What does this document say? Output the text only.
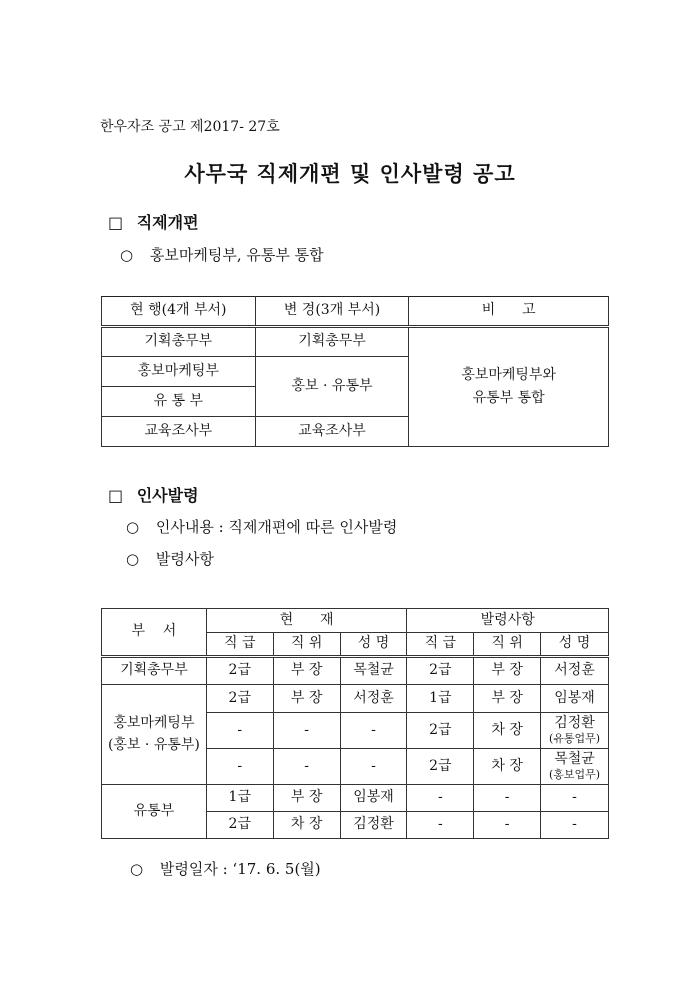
한우자조 공고 제2017- 27호
사무국 직제개편 및 인사발령 공고
□ 직제개편
○ 홍보마케팅부, 유통부 통합
현 행(4개 부서)	변 경(3개 부서)	비      고
기획총무부	기획총무부	홍보마케팅부와
유통부 통합

홍보마케팅부	홍보 · 유통부	
유 통 부		
교육조사부	교육조사부	
□ 인사발령
○ 인사내용 : 직제개편에 따른 인사발령
○ 발령사항
부    서	현      재			발령사항		
	직 급	직 위	성 명	직 급	직 위	성 명
기획총무부	2급	부 장	목철균	2급	부 장	서정훈

홍보마케팅부
(홍보 · 유통부)	2급	부 장	서정훈	1급	부 장	임봉재
	-	-	-	2급	차 장	김정환
(유통업무)

	-	-	-	2급	차 장	목철균
(홍보업무)

유통부	1급	부 장	임봉재	-	-	-
	2급	차 장	김정환	-	-	-
○ 발령일자 : ‘17. 6. 5(월)
